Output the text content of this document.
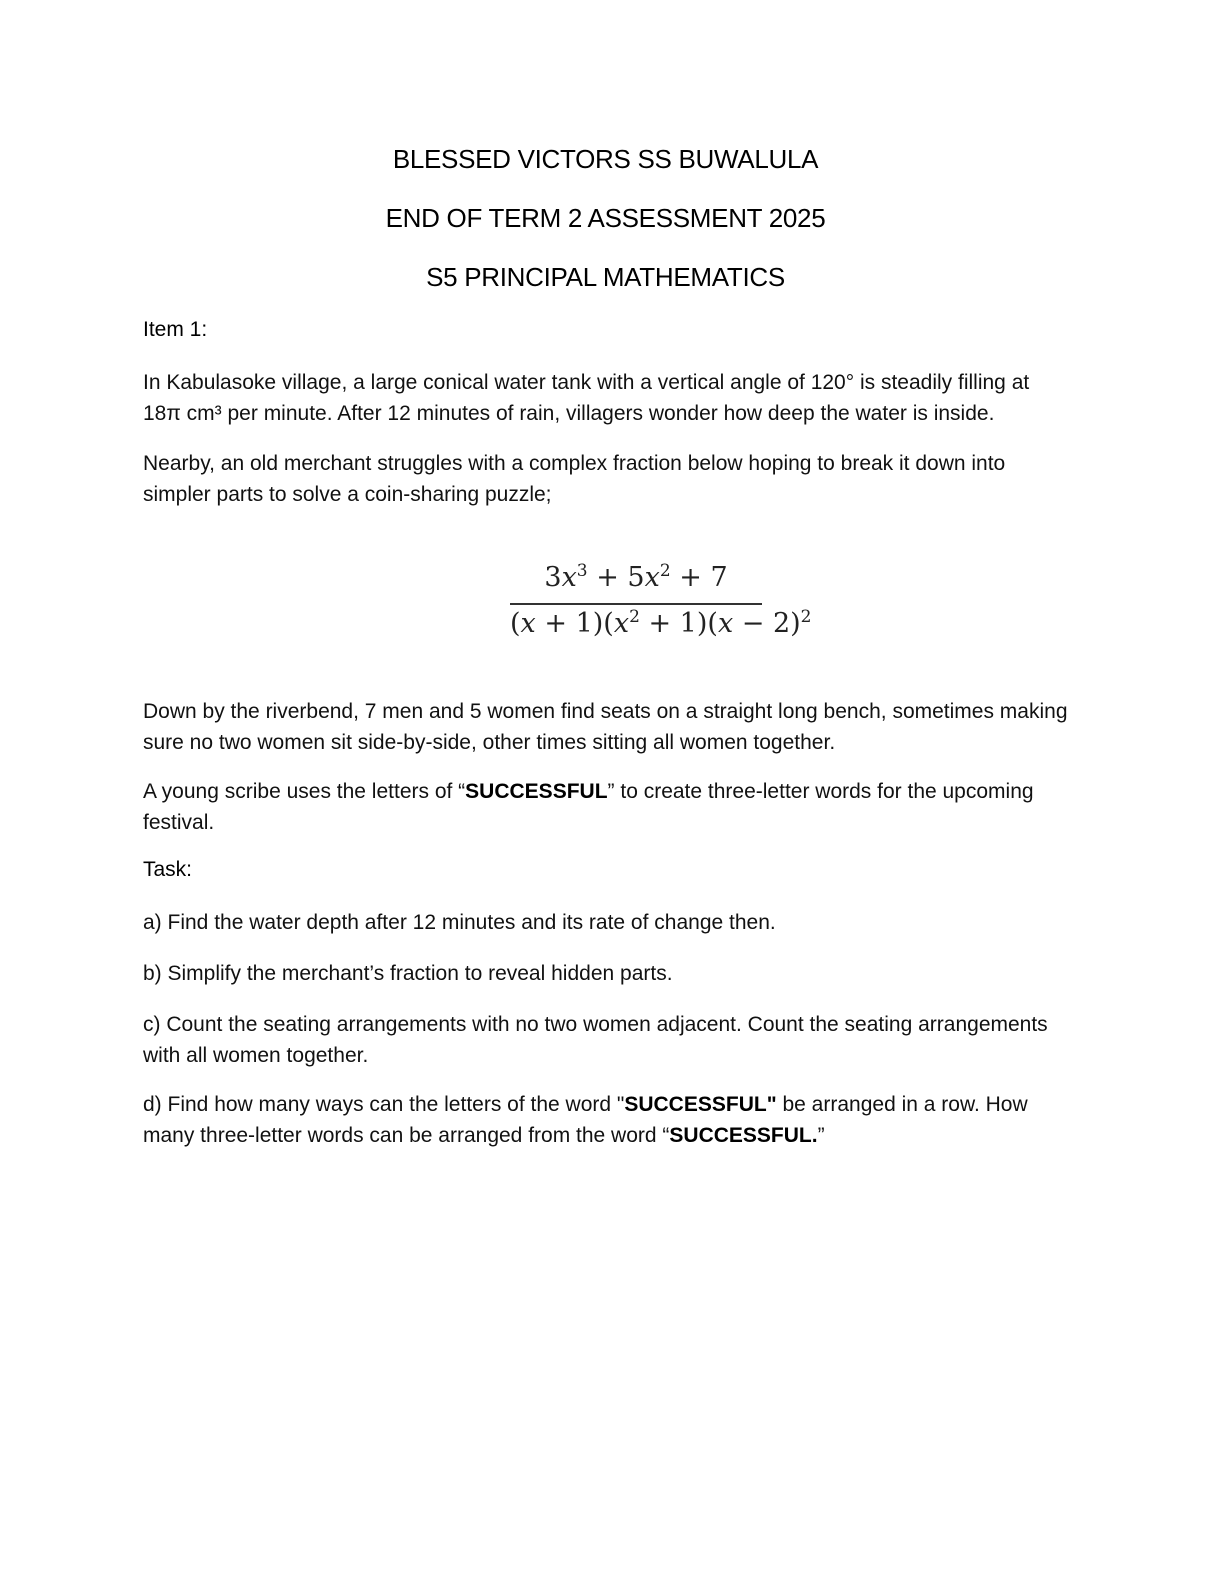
BLESSED VICTORS SS BUWALULA
END OF TERM 2 ASSESSMENT 2025
S5 PRINCIPAL MATHEMATICS
Item 1:
In Kabulasoke village, a large conical water tank with a vertical angle of 120° is steadily filling at 18π cm³ per minute. After 12 minutes of rain, villagers wonder how deep the water is inside.
Nearby, an old merchant struggles with a complex fraction below hoping to break it down into simpler parts to solve a coin-sharing puzzle;
$3x^3 + 5x^2 + 7$
$(x + 1)(x^2 + 1)(x - 2)^2$
Down by the riverbend, 7 men and 5 women find seats on a straight long bench, sometimes making sure no two women sit side-by-side, other times sitting all women together.
A young scribe uses the letters of “SUCCESSFUL” to create three-letter words for the upcoming festival.
Task:
a) Find the water depth after 12 minutes and its rate of change then.
b) Simplify the merchant’s fraction to reveal hidden parts.
c) Count the seating arrangements with no two women adjacent. Count the seating arrangements with all women together.
d) Find how many ways can the letters of the word "SUCCESSFUL" be arranged in a row. How many three-letter words can be arranged from the word “SUCCESSFUL.”
